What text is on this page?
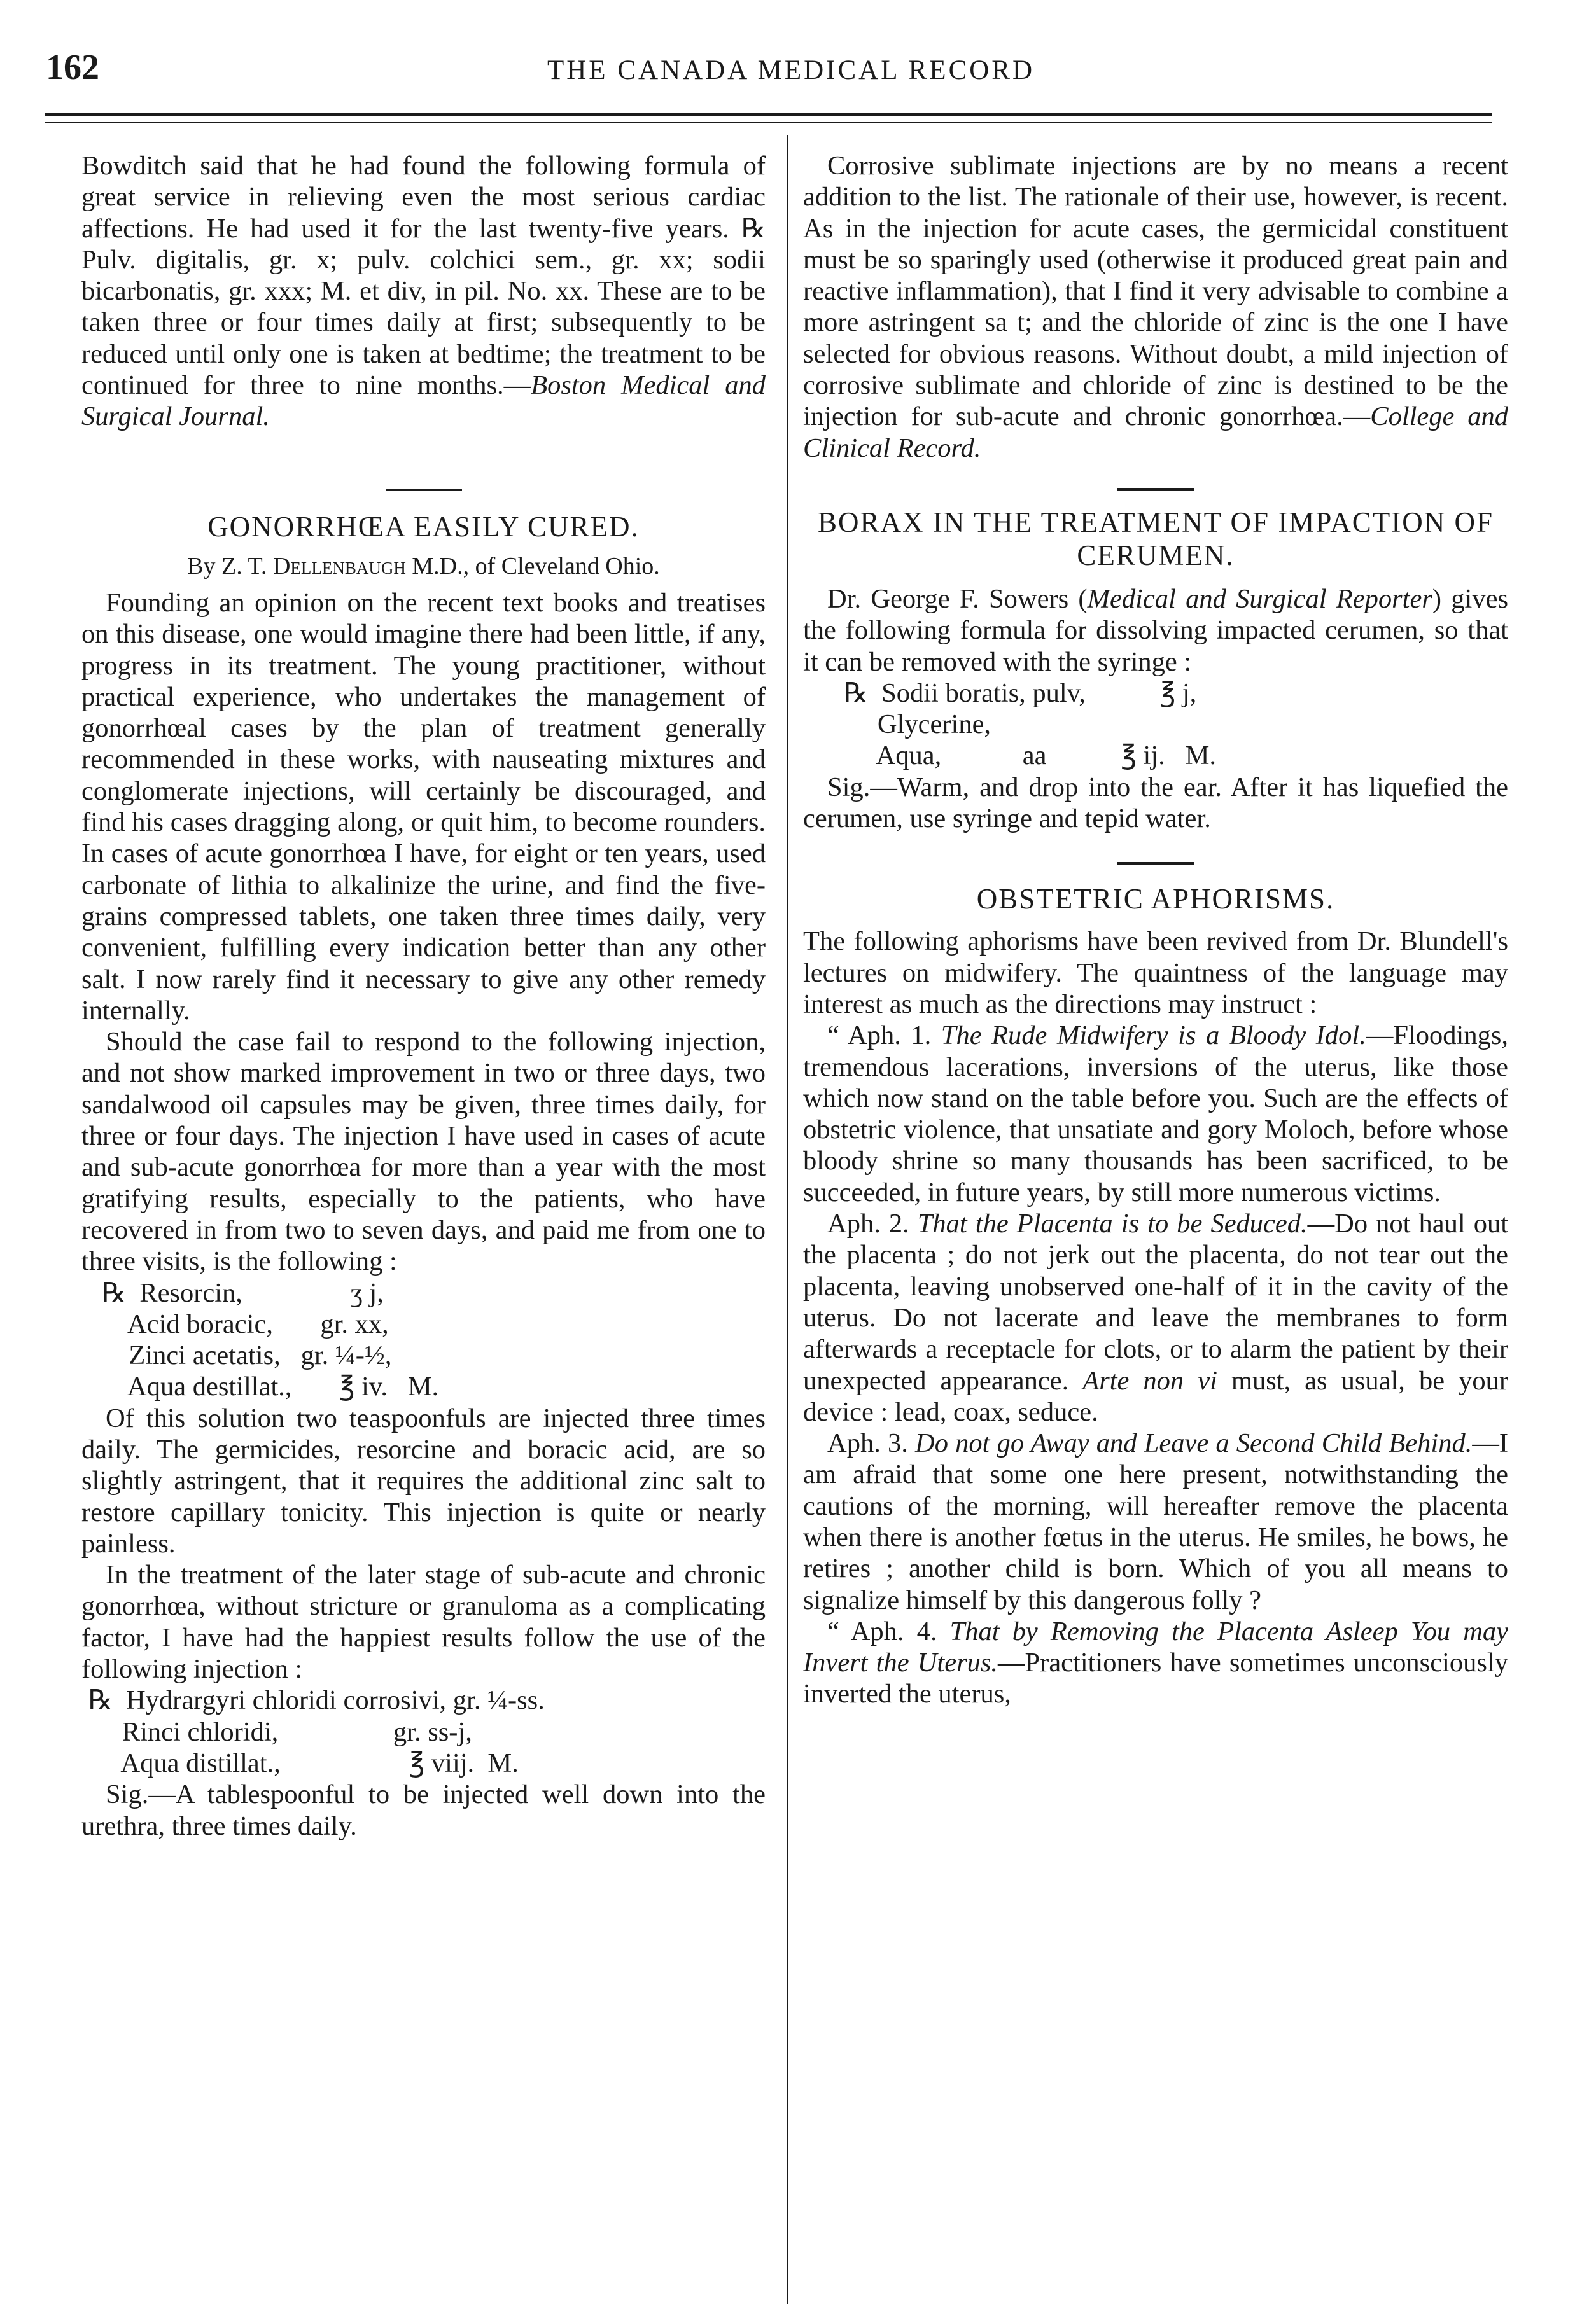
162	THE CANADA MEDICAL RECORD

Bowditch said that he had found the following formula of great service in relieving even the most serious cardiac affections. He had used it for the last twenty-five years. ℞ Pulv. digitalis, gr. x; pulv. colchici sem., gr. xx; sodii bicarbonatis, gr. xxx; M. et div, in pil. No. xx. These are to be taken three or four times daily at first; subsequently to be reduced until only one is taken at bedtime; the treatment to be continued for three to nine months.—Boston Medical and Surgical Journal.

GONORRHŒA EASILY CURED.
By Z. T. Dellenbaugh M.D., of Cleveland Ohio.

Founding an opinion on the recent text books and treatises on this disease, one would imagine there had been little, if any, progress in its treatment. The young practitioner, without practical experience, who undertakes the management of gonorrhœal cases by the plan of treatment generally recommended in these works, with nauseating mixtures and conglomerate injections, will certainly be discouraged, and find his cases dragging along, or quit him, to become rounders. In cases of acute gonorrhœa I have, for eight or ten years, used carbonate of lithia to alkalinize the urine, and find the five-grains compressed tablets, one taken three times daily, very convenient, fulfilling every indication better than any other salt. I now rarely find it necessary to give any other remedy internally.

Should the case fail to respond to the following injection, and not show marked improvement in two or three days, two sandalwood oil capsules may be given, three times daily, for three or four days. The injection I have used in cases of acute and sub-acute gonorrhœa for more than a year with the most gratifying results, especially to the patients, who have recovered in from two to seven days, and paid me from one to three visits, is the following :

℞  Resorcin,                ʒ j,
Acid boracic,       gr. xx,
Zinci acetatis,   gr. ¼-½,
Aqua destillat.,       ℥ iv.   M.

Of this solution two teaspoonfuls are injected three times daily. The germicides, resorcine and boracic acid, are so slightly astringent, that it requires the additional zinc salt to restore capillary tonicity. This injection is quite or nearly painless.

In the treatment of the later stage of sub-acute and chronic gonorrhœa, without stricture or granuloma as a complicating factor, I have had the happiest results follow the use of the following injection :

℞  Hydrargyri chloridi corrosivi, gr. ¼-ss.
Rinci chloridi,                 gr. ss-j,
Aqua distillat.,                   ℥ viij.  M.

Sig.—A tablespoonful to be injected well down into the urethra, three times daily.

Corrosive sublimate injections are by no means a recent addition to the list. The rationale of their use, however, is recent. As in the injection for acute cases, the germicidal constituent must be so sparingly used (otherwise it produced great pain and reactive inflammation), that I find it very advisable to combine a more astringent sa t; and the chloride of zinc is the one I have selected for obvious reasons. Without doubt, a mild injection of corrosive sublimate and chloride of zinc is destined to be the injection for sub-acute and chronic gonorrhœa.—College and Clinical Record.

BORAX IN THE TREATMENT OF IMPACTION OF CERUMEN.

Dr. George F. Sowers (Medical and Surgical Reporter) gives the following formula for dissolving impacted cerumen, so that it can be removed with the syringe :

℞  Sodii boratis, pulv,           ℥ j,
Glycerine,
Aqua,            aa           ℥ ij.   M.

Sig.—Warm, and drop into the ear. After it has liquefied the cerumen, use syringe and tepid water.

OBSTETRIC APHORISMS.

The following aphorisms have been revived from Dr. Blundell's lectures on midwifery. The quaintness of the language may interest as much as the directions may instruct :

“ Aph. 1. The Rude Midwifery is a Bloody Idol.—Floodings, tremendous lacerations, inversions of the uterus, like those which now stand on the table before you. Such are the effects of obstetric violence, that unsatiate and gory Moloch, before whose bloody shrine so many thousands has been sacrificed, to be succeeded, in future years, by still more numerous victims.

Aph. 2. That the Placenta is to be Seduced.—Do not haul out the placenta ; do not jerk out the placenta, do not tear out the placenta, leaving unobserved one-half of it in the cavity of the uterus. Do not lacerate and leave the membranes to form afterwards a receptacle for clots, or to alarm the patient by their unexpected appearance. Arte non vi must, as usual, be your device : lead, coax, seduce.

Aph. 3. Do not go Away and Leave a Second Child Behind.—I am afraid that some one here present, notwithstanding the cautions of the morning, will hereafter remove the placenta when there is another fœtus in the uterus. He smiles, he bows, he retires ; another child is born. Which of you all means to signalize himself by this dangerous folly ?

“ Aph. 4. That by Removing the Placenta Asleep You may Invert the Uterus.—Practitioners have sometimes unconsciously inverted the uterus,
